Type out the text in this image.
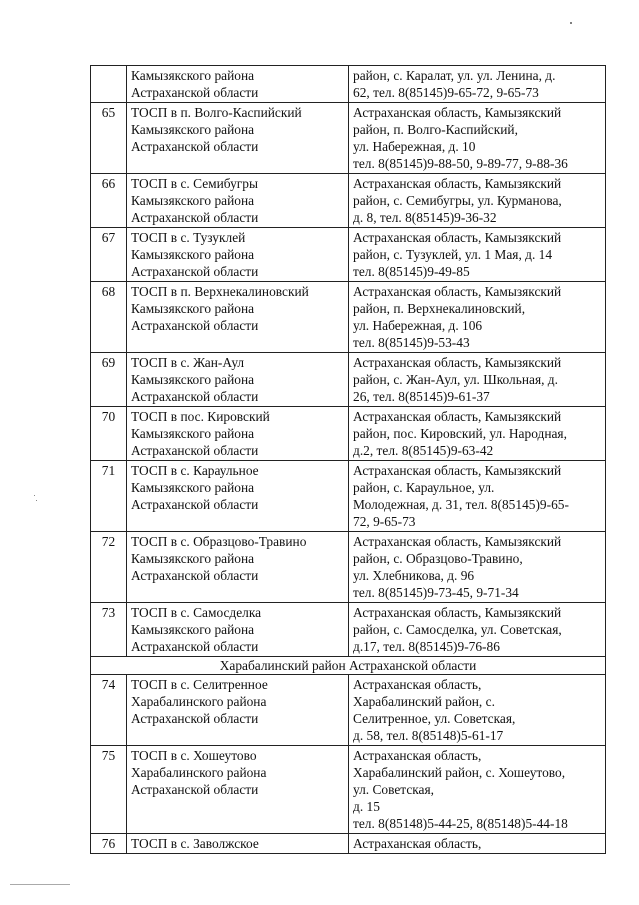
	Камызякского района
Астраханской области	район, с. Каралат, ул. ул. Ленина, д.
62, тел. 8(85145)9-65-72, 9-65-73
65	ТОСП в п. Волго-Каспийский
Камызякского района
Астраханской области	Астраханская область, Камызякский
район, п. Волго-Каспийский,
ул. Набережная, д. 10
тел. 8(85145)9-88-50, 9-89-77, 9-88-36
66	ТОСП в с. Семибугры
Камызякского района
Астраханской области	Астраханская область, Камызякский
район, с. Семибугры, ул. Курманова,
д. 8, тел. 8(85145)9-36-32
67	ТОСП в с. Тузуклей
Камызякского района
Астраханской области	Астраханская область, Камызякский
район, с. Тузуклей, ул. 1 Мая, д. 14
тел. 8(85145)9-49-85
68	ТОСП в п. Верхнекалиновский
Камызякского района
Астраханской области	Астраханская область, Камызякский
район, п. Верхнекалиновский,
ул. Набережная, д. 106
тел. 8(85145)9-53-43
69	ТОСП в с. Жан-Аул
Камызякского района
Астраханской области	Астраханская область, Камызякский
район, с. Жан-Аул, ул. Школьная, д.
26, тел. 8(85145)9-61-37
70	ТОСП в пос. Кировский
Камызякского района
Астраханской области	Астраханская область, Камызякский
район, пос. Кировский, ул. Народная,
д.2, тел. 8(85145)9-63-42
71	ТОСП в с. Караульное
Камызякского района
Астраханской области	Астраханская область, Камызякский
район, с. Караульное, ул.
Молодежная, д. 31, тел. 8(85145)9-65-
72, 9-65-73
72	ТОСП в с. Образцово-Травино
Камызякского района
Астраханской области	Астраханская область, Камызякский
район, с. Образцово-Травино,
ул. Хлебникова, д. 96
тел. 8(85145)9-73-45, 9-71-34
73	ТОСП в с. Самосделка
Камызякского района
Астраханской области	Астраханская область, Камызякский
район, с. Самосделка, ул. Советская,
д.17, тел. 8(85145)9-76-86
Харабалинский район Астраханской области		
74	ТОСП в с. Селитренное
Харабалинского района
Астраханской области	Астраханская область,
Харабалинский район, с.
Селитренное, ул. Советская,
д. 58, тел. 8(85148)5-61-17
75	ТОСП в с. Хошеутово
Харабалинского района
Астраханской области	Астраханская область,
Харабалинский район, с. Хошеутово,
ул. Советская,
д. 15
тел. 8(85148)5-44-25, 8(85148)5-44-18
76	ТОСП в с. Заволжское	Астраханская область,
